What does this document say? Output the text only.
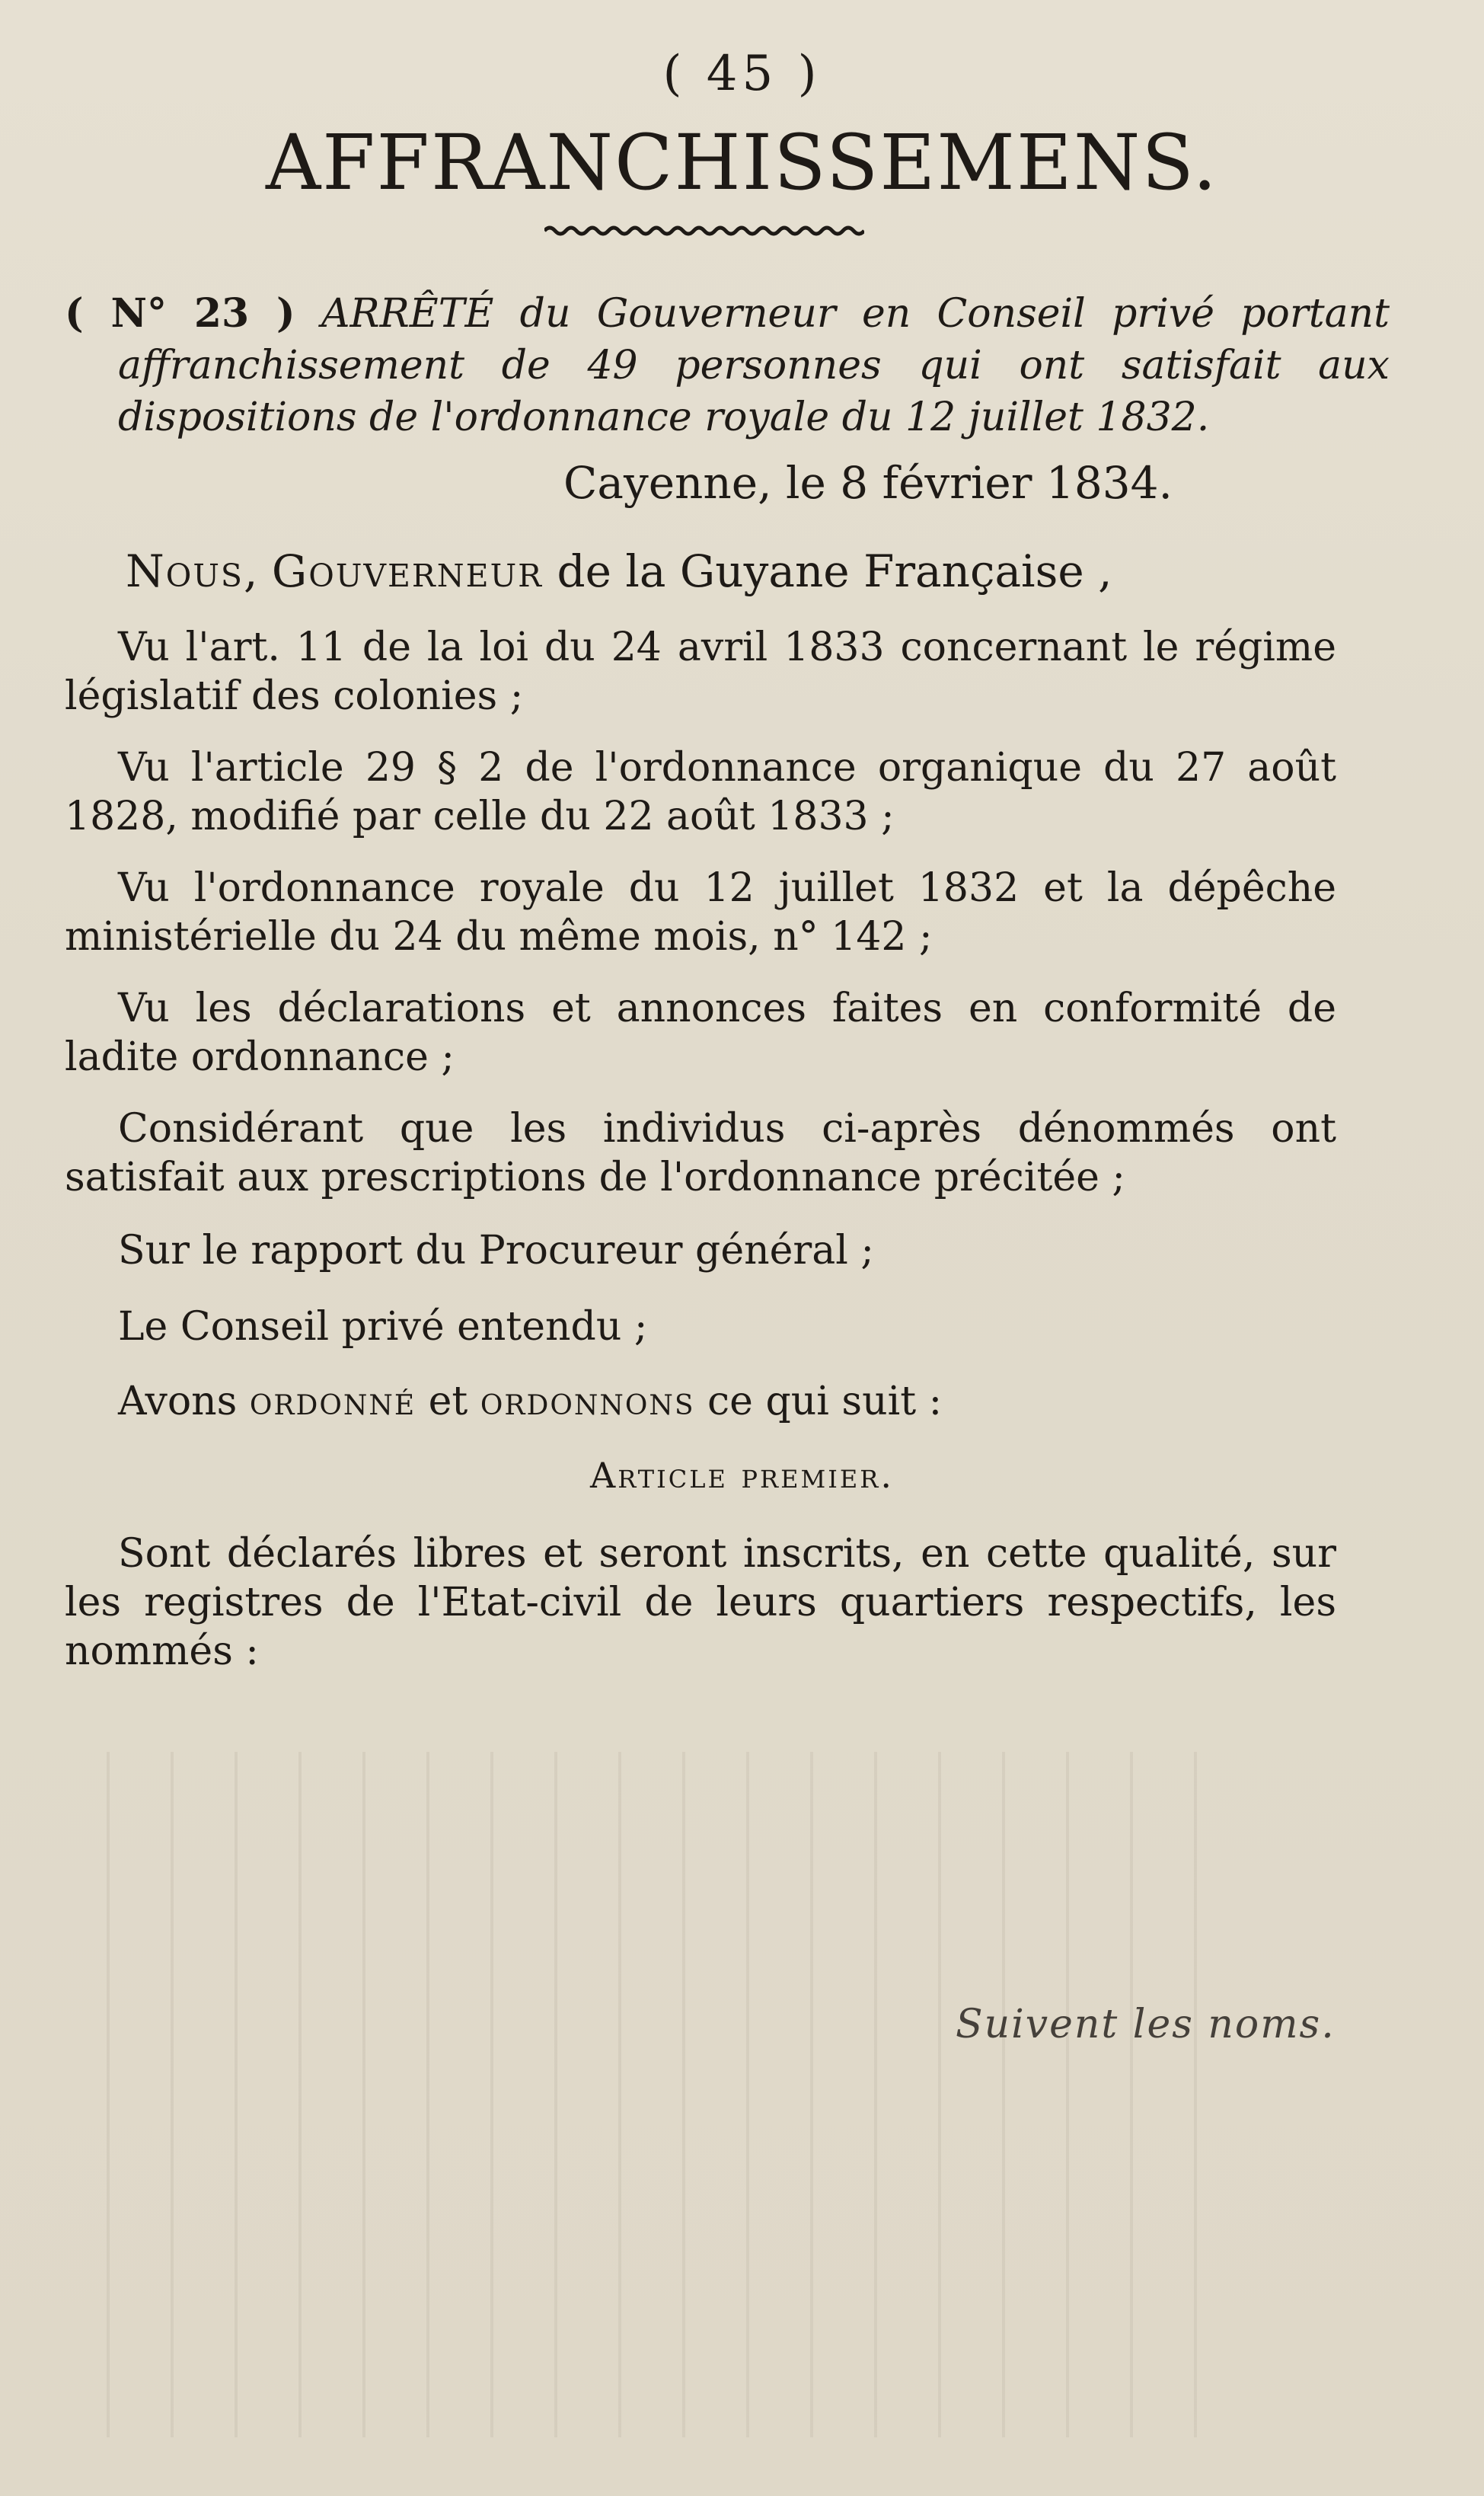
( 45 )
AFFRANCHISSEMENS.
( N° 23 ) ARRÊTÉ du Gouverneur en Conseil privé portant affranchissement de 49 personnes qui ont satisfait aux dispositions de l'ordonnance royale du 12 juillet 1832.
Cayenne, le 8 février 1834.
Nous, Gouverneur de la Guyane Française ,
Vu l'art. 11 de la loi du 24 avril 1833 concernant le régime législatif des colonies ;
Vu l'article 29 § 2 de l'ordonnance organique du 27 août 1828, modifié par celle du 22 août 1833 ;
Vu l'ordonnance royale du 12 juillet 1832 et la dépêche ministérielle du 24 du même mois, n° 142 ;
Vu les déclarations et annonces faites en conformité de ladite ordonnance ;
Considérant que les individus ci-après dénommés ont satisfait aux prescriptions de l'ordonnance précitée ;
Sur le rapport du Procureur général ;
Le Conseil privé entendu ;
Avons ordonné et ordonnons ce qui suit :
Article premier.
Sont déclarés libres et seront inscrits, en cette qualité, sur les registres de l'Etat-civil de leurs quartiers respectifs, les nommés :
Suivent les noms.
